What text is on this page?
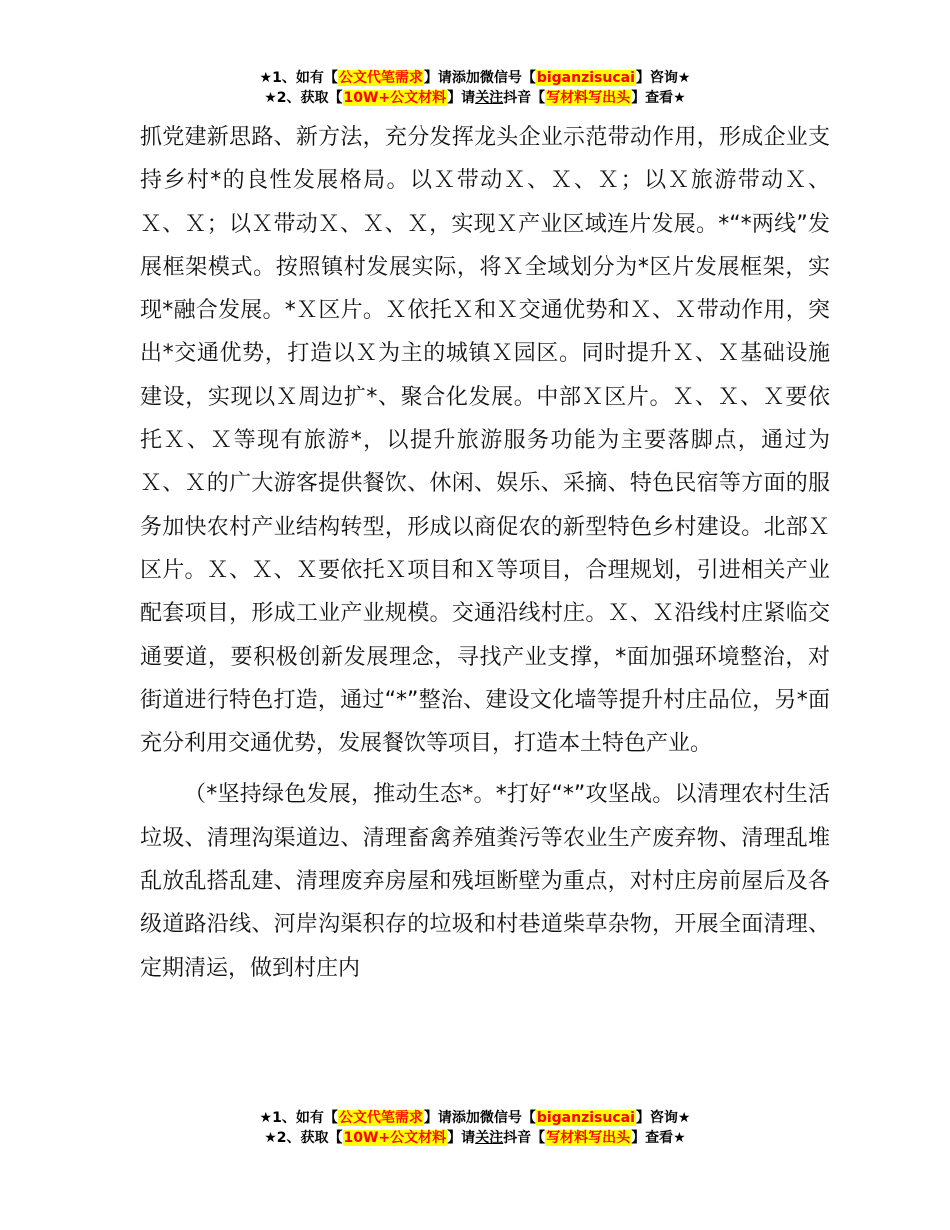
★1、如有【公文代笔需求】请添加微信号【biganzisucai】咨询★
★2、获取【10W+公文材料】请关注抖音【写材料写出头】查看★

抓党建新思路、新方法，充分发挥龙头企业示范带动作用，形成企业支持乡村*的良性发展格局。以Ｘ带动Ｘ、Ｘ、Ｘ；以Ｘ旅游带动Ｘ、Ｘ、Ｘ；以Ｘ带动Ｘ、Ｘ、Ｘ，实现Ｘ产业区域连片发展。*“*两线”发展框架模式。按照镇村发展实际，将Ｘ全域划分为*区片发展框架，实现*融合发展。*Ｘ区片。Ｘ依托Ｘ和Ｘ交通优势和Ｘ、Ｘ带动作用，突出*交通优势，打造以Ｘ为主的城镇Ｘ园区。同时提升Ｘ、Ｘ基础设施建设，实现以Ｘ周边扩*、聚合化发展。中部Ｘ区片。Ｘ、Ｘ、Ｘ要依托Ｘ、Ｘ等现有旅游*，以提升旅游服务功能为主要落脚点，通过为Ｘ、Ｘ的广大游客提供餐饮、休闲、娱乐、采摘、特色民宿等方面的服务加快农村产业结构转型，形成以商促农的新型特色乡村建设。北部Ｘ区片。Ｘ、Ｘ、Ｘ要依托Ｘ项目和Ｘ等项目，合理规划，引进相关产业配套项目，形成工业产业规模。交通沿线村庄。Ｘ、Ｘ沿线村庄紧临交通要道，要积极创新发展理念，寻找产业支撑，*面加强环境整治，对街道进行特色打造，通过“*”整治、建设文化墙等提升村庄品位，另*面充分利用交通优势，发展餐饮等项目，打造本土特色产业。

（*坚持绿色发展，推动生态*。*打好“*”攻坚战。以清理农村生活垃圾、清理沟渠道边、清理畜禽养殖粪污等农业生产废弃物、清理乱堆乱放乱搭乱建、清理废弃房屋和残垣断壁为重点，对村庄房前屋后及各级道路沿线、河岸沟渠积存的垃圾和村巷道柴草杂物，开展全面清理、定期清运，做到村庄内

★1、如有【公文代笔需求】请添加微信号【biganzisucai】咨询★
★2、获取【10W+公文材料】请关注抖音【写材料写出头】查看★
